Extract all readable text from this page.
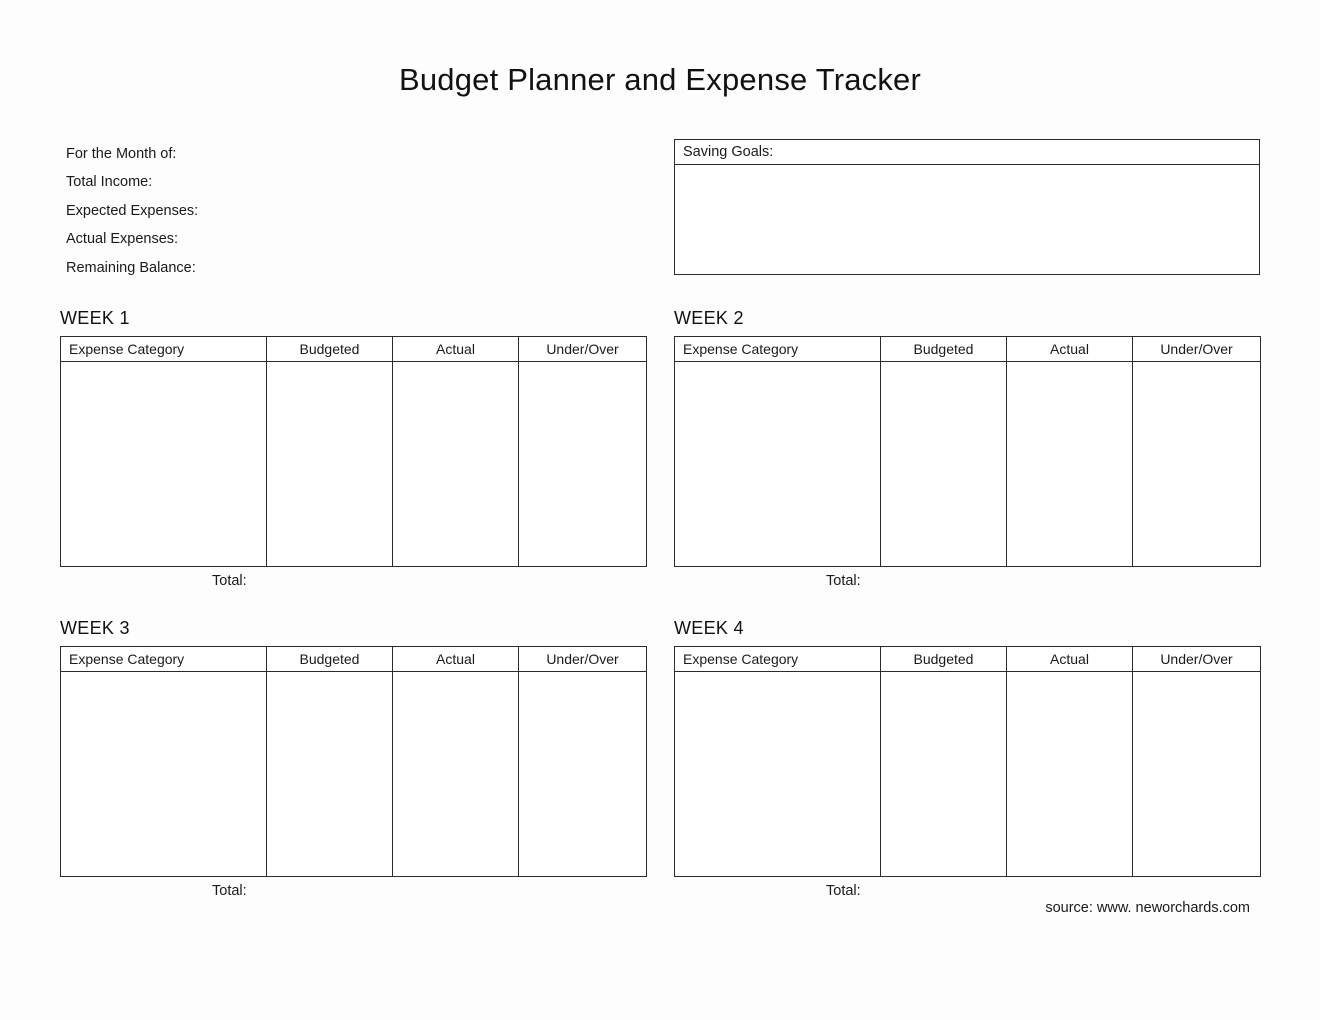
Budget Planner and Expense Tracker
For the Month of:
Total Income:
Expected Expenses:
Actual Expenses:
Remaining Balance:
Saving Goals:
WEEK 1
Expense Category	Budgeted	Actual	Under/Over

Total:
WEEK 2
Expense Category	Budgeted	Actual	Under/Over

Total:
WEEK 3
Expense Category	Budgeted	Actual	Under/Over

Total:
WEEK 4
Expense Category	Budgeted	Actual	Under/Over

Total:
source: www. neworchards.com
